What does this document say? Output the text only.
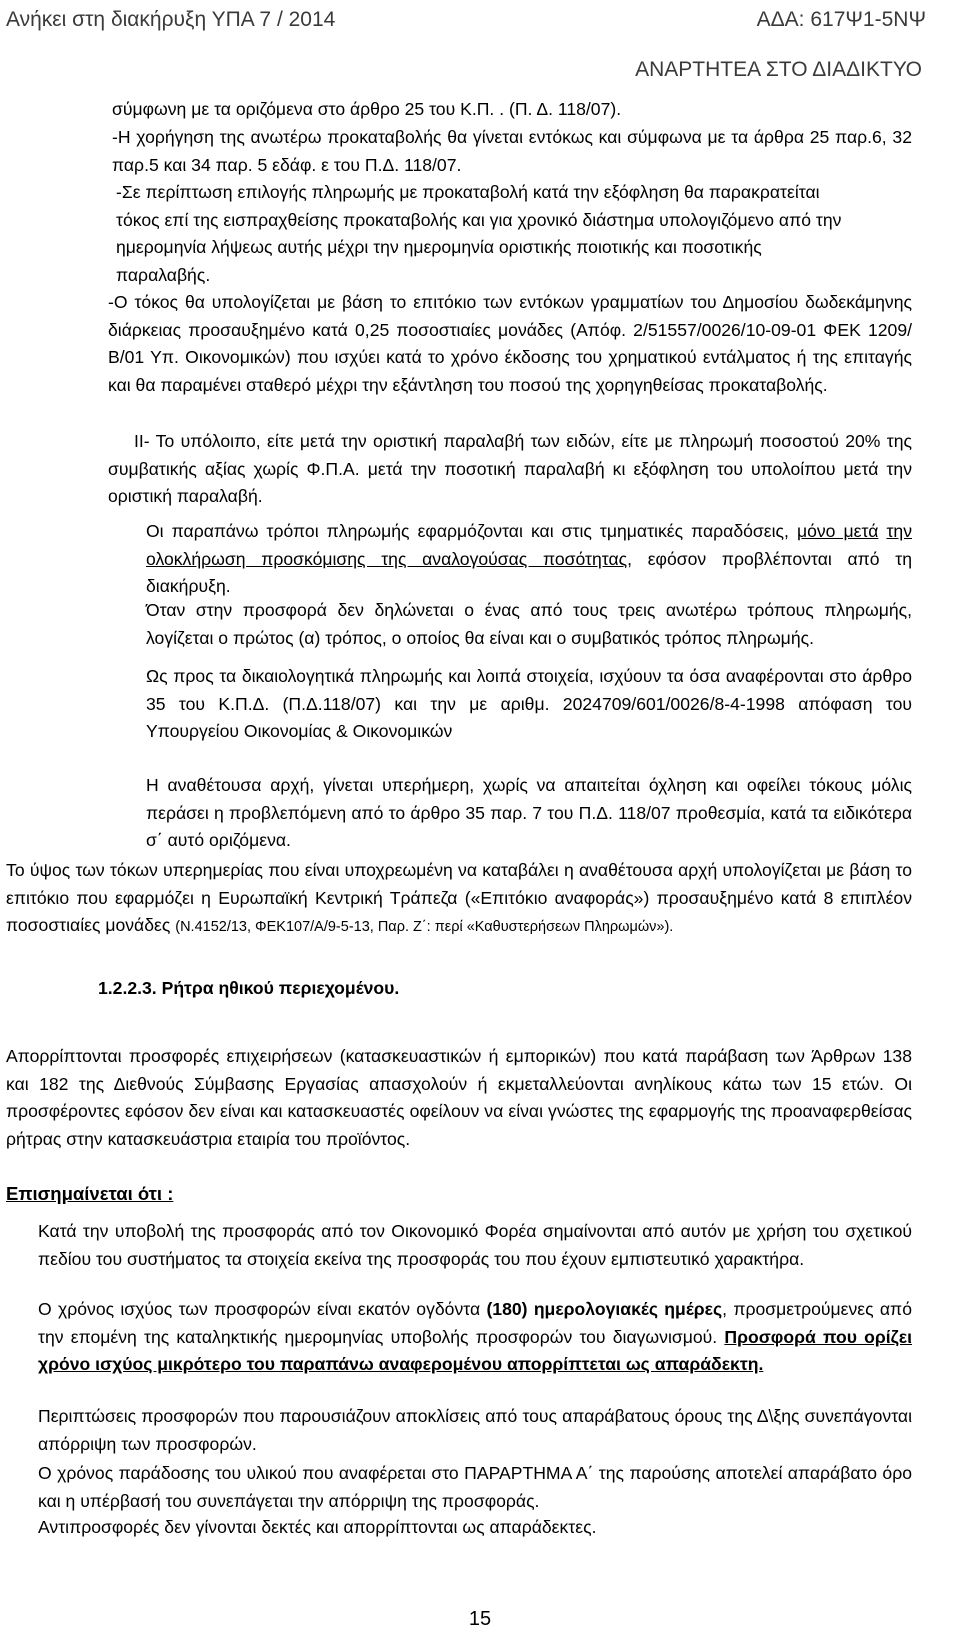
Ανήκει στη διακήρυξη ΥΠΑ 7 / 2014	ΑΔΑ: 617Ψ1-5ΝΨ
ΑΝΑΡΤΗΤΕΑ ΣΤΟ ΔΙΑΔΙΚΤΥΟ
σύμφωνη με τα οριζόμενα στο άρθρο 25 του Κ.Π. . (Π. Δ. 118/07).
-Η χορήγηση της ανωτέρω προκαταβολής θα γίνεται εντόκως και σύμφωνα με τα άρθρα 25 παρ.6, 32 παρ.5 και 34 παρ. 5 εδάφ. ε του Π.Δ. 118/07.
-Σε περίπτωση επιλογής πληρωμής με προκαταβολή κατά την εξόφληση θα παρακρατείται τόκος επί της εισπραχθείσης προκαταβολής και για χρονικό διάστημα υπολογιζόμενο από την ημερομηνία λήψεως αυτής μέχρι την ημερομηνία οριστικής ποιοτικής και ποσοτικής παραλαβής.
-Ο τόκος θα υπολογίζεται με βάση το επιτόκιο των εντόκων γραμματίων του Δημοσίου δωδεκάμηνης διάρκειας προσαυξημένο κατά 0,25 ποσοστιαίες μονάδες (Απόφ. 2/51557/0026/10-09-01 ΦΕΚ 1209/Β/01 Υπ. Οικονομικών) που ισχύει κατά το χρόνο έκδοσης του χρηματικού εντάλματος ή της επιταγής και θα παραμένει σταθερό μέχρι την εξάντληση του ποσού της χορηγηθείσας προκαταβολής.
ΙΙ- Το υπόλοιπο, είτε μετά την οριστική παραλαβή των ειδών, είτε με πληρωμή ποσοστού 20% της συμβατικής αξίας χωρίς Φ.Π.Α. μετά την ποσοτική παραλαβή κι εξόφληση του υπολοίπου μετά την οριστική παραλαβή.
Οι παραπάνω τρόποι πληρωμής εφαρμόζονται και στις τμηματικές παραδόσεις, μόνο μετά την ολοκλήρωση προσκόμισης της αναλογούσας ποσότητας, εφόσον προβλέπονται από τη διακήρυξη.
Όταν στην προσφορά δεν δηλώνεται ο ένας από τους τρεις ανωτέρω τρόπους πληρωμής, λογίζεται ο πρώτος (α) τρόπος, ο οποίος θα είναι και ο συμβατικός τρόπος πληρωμής.
Ως προς τα δικαιολογητικά πληρωμής και λοιπά στοιχεία, ισχύουν τα όσα αναφέρονται στο άρθρο 35 του Κ.Π.Δ. (Π.Δ.118/07) και την με αριθμ. 2024709/601/0026/8-4-1998 απόφαση του Υπουργείου Οικονομίας & Οικονομικών
Η αναθέτουσα αρχή, γίνεται υπερήμερη, χωρίς να απαιτείται όχληση και οφείλει τόκους μόλις περάσει η προβλεπόμενη από το άρθρο 35 παρ. 7 του Π.Δ. 118/07 προθεσμία, κατά τα ειδικότερα σ΄ αυτό οριζόμενα.
Το ύψος των τόκων υπερημερίας που είναι υποχρεωμένη να καταβάλει η αναθέτουσα αρχή υπολογίζεται με βάση το επιτόκιο που εφαρμόζει η Ευρωπαϊκή Κεντρική Τράπεζα («Επιτόκιο αναφοράς») προσαυξημένο κατά 8 επιπλέον ποσοστιαίες μονάδες (Ν.4152/13, ΦΕΚ107/Α/9-5-13, Παρ. Ζ΄: περί «Καθυστερήσεων Πληρωμών»).
1.2.2.3. Ρήτρα ηθικού περιεχομένου.
Απορρίπτονται προσφορές επιχειρήσεων (κατασκευαστικών ή εμπορικών) που κατά παράβαση των Άρθρων 138 και 182 της Διεθνούς Σύμβασης Εργασίας απασχολούν ή εκμεταλλεύονται ανηλίκους κάτω των 15 ετών. Οι προσφέροντες εφόσον δεν είναι και κατασκευαστές οφείλουν να είναι γνώστες της εφαρμογής της προαναφερθείσας ρήτρας στην κατασκευάστρια εταιρία του προϊόντος.
Επισημαίνεται ότι :
Κατά την υποβολή της προσφοράς από τον Οικονομικό Φορέα σημαίνονται από αυτόν με χρήση του σχετικού πεδίου του συστήματος τα στοιχεία εκείνα της προσφοράς του που έχουν εμπιστευτικό χαρακτήρα.
Ο χρόνος ισχύος των προσφορών είναι εκατόν ογδόντα (180) ημερολογιακές ημέρες, προσμετρούμενες από την επομένη της καταληκτικής ημερομηνίας υποβολής προσφορών του διαγωνισμού. Προσφορά που ορίζει χρόνο ισχύος μικρότερο του παραπάνω αναφερομένου απορρίπτεται ως απαράδεκτη.
Περιπτώσεις προσφορών που παρουσιάζουν αποκλίσεις από τους απαράβατους όρους της Δ\ξης συνεπάγονται απόρριψη των προσφορών.
Ο χρόνος παράδοσης του υλικού που αναφέρεται στο ΠΑΡΑΡΤΗΜΑ Α΄ της παρούσης αποτελεί απαράβατο όρο και η υπέρβασή του συνεπάγεται την απόρριψη της προσφοράς.
Αντιπροσφορές δεν γίνονται δεκτές και απορρίπτονται ως απαράδεκτες.
15
